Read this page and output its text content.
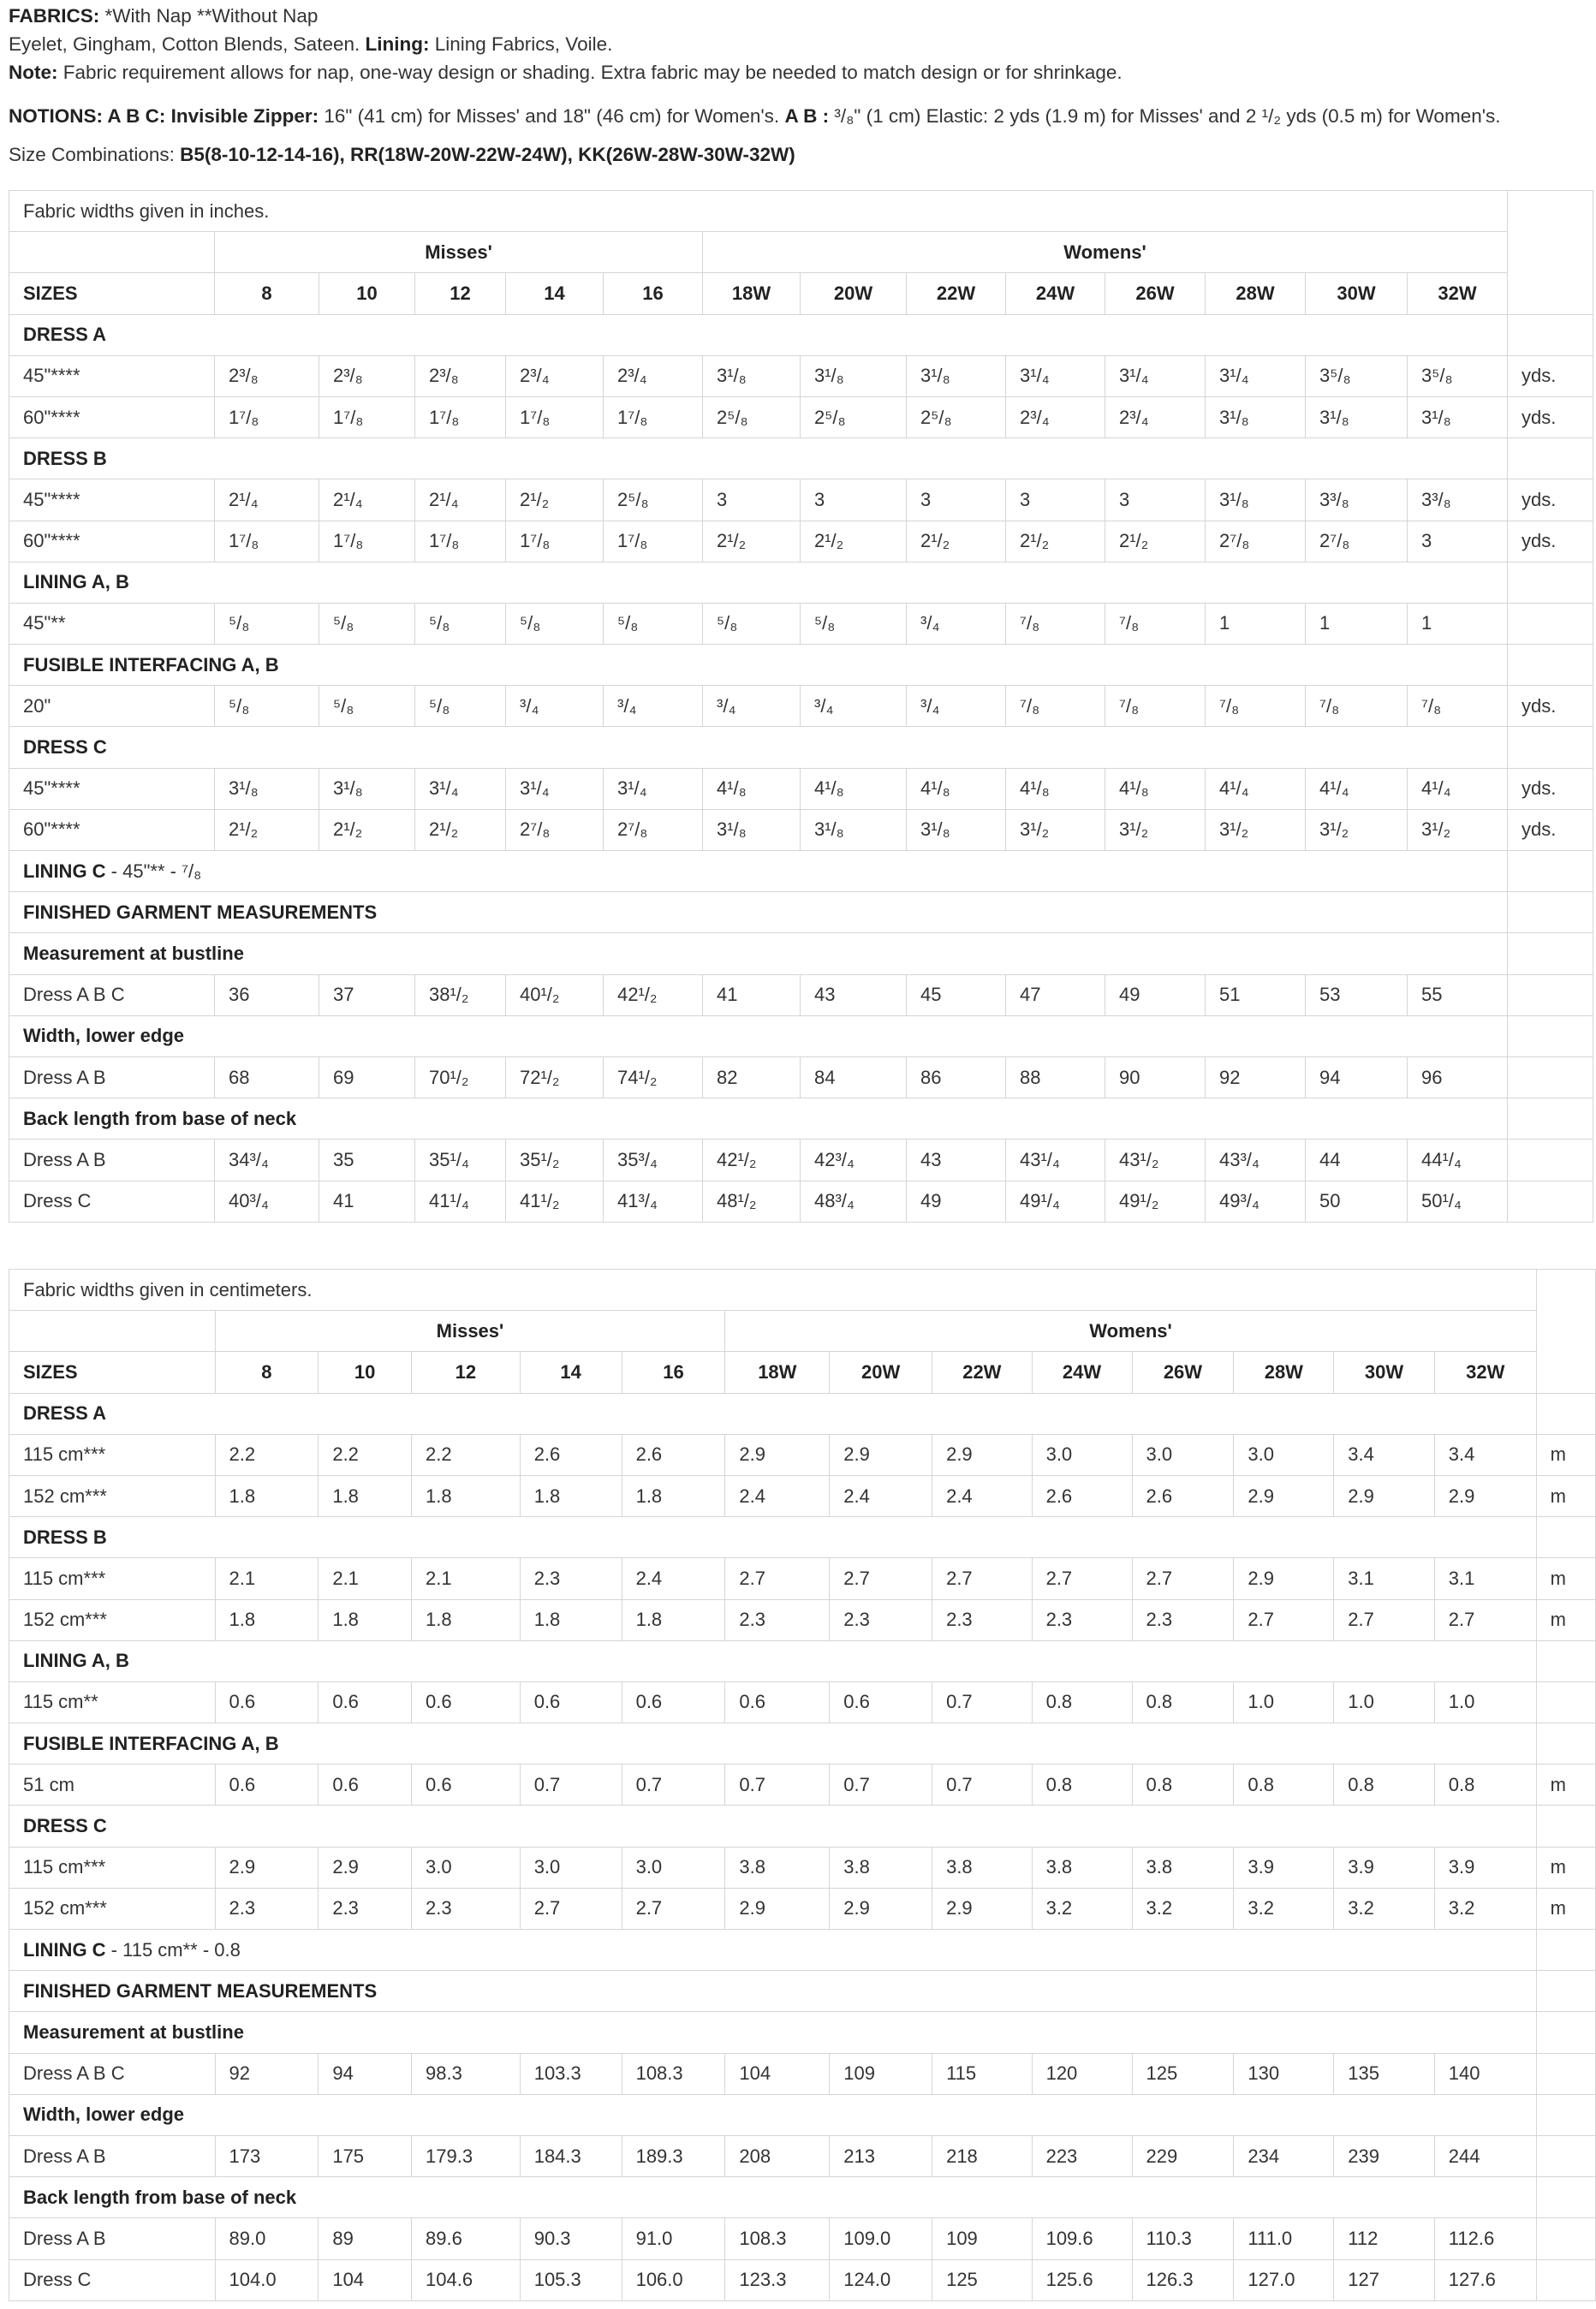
FABRICS: *With Nap **Without Nap

Eyelet, Gingham, Cotton Blends, Sateen. Lining: Lining Fabrics, Voile.

Note: Fabric requirement allows for nap, one-way design or shading. Extra fabric may be needed to match design or for shrinkage.

NOTIONS: A B C: Invisible Zipper: 16" (41 cm) for Misses' and 18" (46 cm) for Women's. A B : ³/₈" (1 cm) Elastic: 2 yds (1.9 m) for Misses' and 2 ¹/₂ yds (0.5 m) for Women's.

Size Combinations: B5(8-10-12-14-16), RR(18W-20W-22W-24W), KK(26W-28W-30W-32W)

Fabric widths given in inches.														
	Misses'					Womens'								
SIZES	8	10	12	14	16	18W	20W	22W	24W	26W	28W	30W	32W	
DRESS A														
45"****	2³/₈	2³/₈	2³/₈	2³/₄	2³/₄	3¹/₈	3¹/₈	3¹/₈	3¹/₄	3¹/₄	3¹/₄	3⁵/₈	3⁵/₈	yds.
60"****	1⁷/₈	1⁷/₈	1⁷/₈	1⁷/₈	1⁷/₈	2⁵/₈	2⁵/₈	2⁵/₈	2³/₄	2³/₄	3¹/₈	3¹/₈	3¹/₈	yds.
DRESS B														
45"****	2¹/₄	2¹/₄	2¹/₄	2¹/₂	2⁵/₈	3	3	3	3	3	3¹/₈	3³/₈	3³/₈	yds.
60"****	1⁷/₈	1⁷/₈	1⁷/₈	1⁷/₈	1⁷/₈	2¹/₂	2¹/₂	2¹/₂	2¹/₂	2¹/₂	2⁷/₈	2⁷/₈	3	yds.
LINING A, B														
45"**	⁵/₈	⁵/₈	⁵/₈	⁵/₈	⁵/₈	⁵/₈	⁵/₈	³/₄	⁷/₈	⁷/₈	1	1	1	
FUSIBLE INTERFACING A, B														
20"	⁵/₈	⁵/₈	⁵/₈	³/₄	³/₄	³/₄	³/₄	³/₄	⁷/₈	⁷/₈	⁷/₈	⁷/₈	⁷/₈	yds.
DRESS C														
45"****	3¹/₈	3¹/₈	3¹/₄	3¹/₄	3¹/₄	4¹/₈	4¹/₈	4¹/₈	4¹/₈	4¹/₈	4¹/₄	4¹/₄	4¹/₄	yds.
60"****	2¹/₂	2¹/₂	2¹/₂	2⁷/₈	2⁷/₈	3¹/₈	3¹/₈	3¹/₈	3¹/₂	3¹/₂	3¹/₂	3¹/₂	3¹/₂	yds.
LINING C - 45"** - ⁷/₈														
FINISHED GARMENT MEASUREMENTS														
Measurement at bustline														
Dress A B C	36	37	38¹/₂	40¹/₂	42¹/₂	41	43	45	47	49	51	53	55	
Width, lower edge														
Dress A B	68	69	70¹/₂	72¹/₂	74¹/₂	82	84	86	88	90	92	94	96	
Back length from base of neck														
Dress A B	34³/₄	35	35¹/₄	35¹/₂	35³/₄	42¹/₂	42³/₄	43	43¹/₄	43¹/₂	43³/₄	44	44¹/₄	
Dress C	40³/₄	41	41¹/₄	41¹/₂	41³/₄	48¹/₂	48³/₄	49	49¹/₄	49¹/₂	49³/₄	50	50¹/₄	
Fabric widths given in centimeters.														
	Misses'					Womens'								
SIZES	8	10	12	14	16	18W	20W	22W	24W	26W	28W	30W	32W	
DRESS A														
115 cm***	2.2	2.2	2.2	2.6	2.6	2.9	2.9	2.9	3.0	3.0	3.0	3.4	3.4	m
152 cm***	1.8	1.8	1.8	1.8	1.8	2.4	2.4	2.4	2.6	2.6	2.9	2.9	2.9	m
DRESS B														
115 cm***	2.1	2.1	2.1	2.3	2.4	2.7	2.7	2.7	2.7	2.7	2.9	3.1	3.1	m
152 cm***	1.8	1.8	1.8	1.8	1.8	2.3	2.3	2.3	2.3	2.3	2.7	2.7	2.7	m
LINING A, B														
115 cm**	0.6	0.6	0.6	0.6	0.6	0.6	0.6	0.7	0.8	0.8	1.0	1.0	1.0	
FUSIBLE INTERFACING A, B														
51 cm	0.6	0.6	0.6	0.7	0.7	0.7	0.7	0.7	0.8	0.8	0.8	0.8	0.8	m
DRESS C														
115 cm***	2.9	2.9	3.0	3.0	3.0	3.8	3.8	3.8	3.8	3.8	3.9	3.9	3.9	m
152 cm***	2.3	2.3	2.3	2.7	2.7	2.9	2.9	2.9	3.2	3.2	3.2	3.2	3.2	m
LINING C - 115 cm** - 0.8														
FINISHED GARMENT MEASUREMENTS														
Measurement at bustline														
Dress A B C	92	94	98.3	103.3	108.3	104	109	115	120	125	130	135	140	
Width, lower edge														
Dress A B	173	175	179.3	184.3	189.3	208	213	218	223	229	234	239	244	
Back length from base of neck														
Dress A B	89.0	89	89.6	90.3	91.0	108.3	109.0	109	109.6	110.3	111.0	112	112.6	
Dress C	104.0	104	104.6	105.3	106.0	123.3	124.0	125	125.6	126.3	127.0	127	127.6	
